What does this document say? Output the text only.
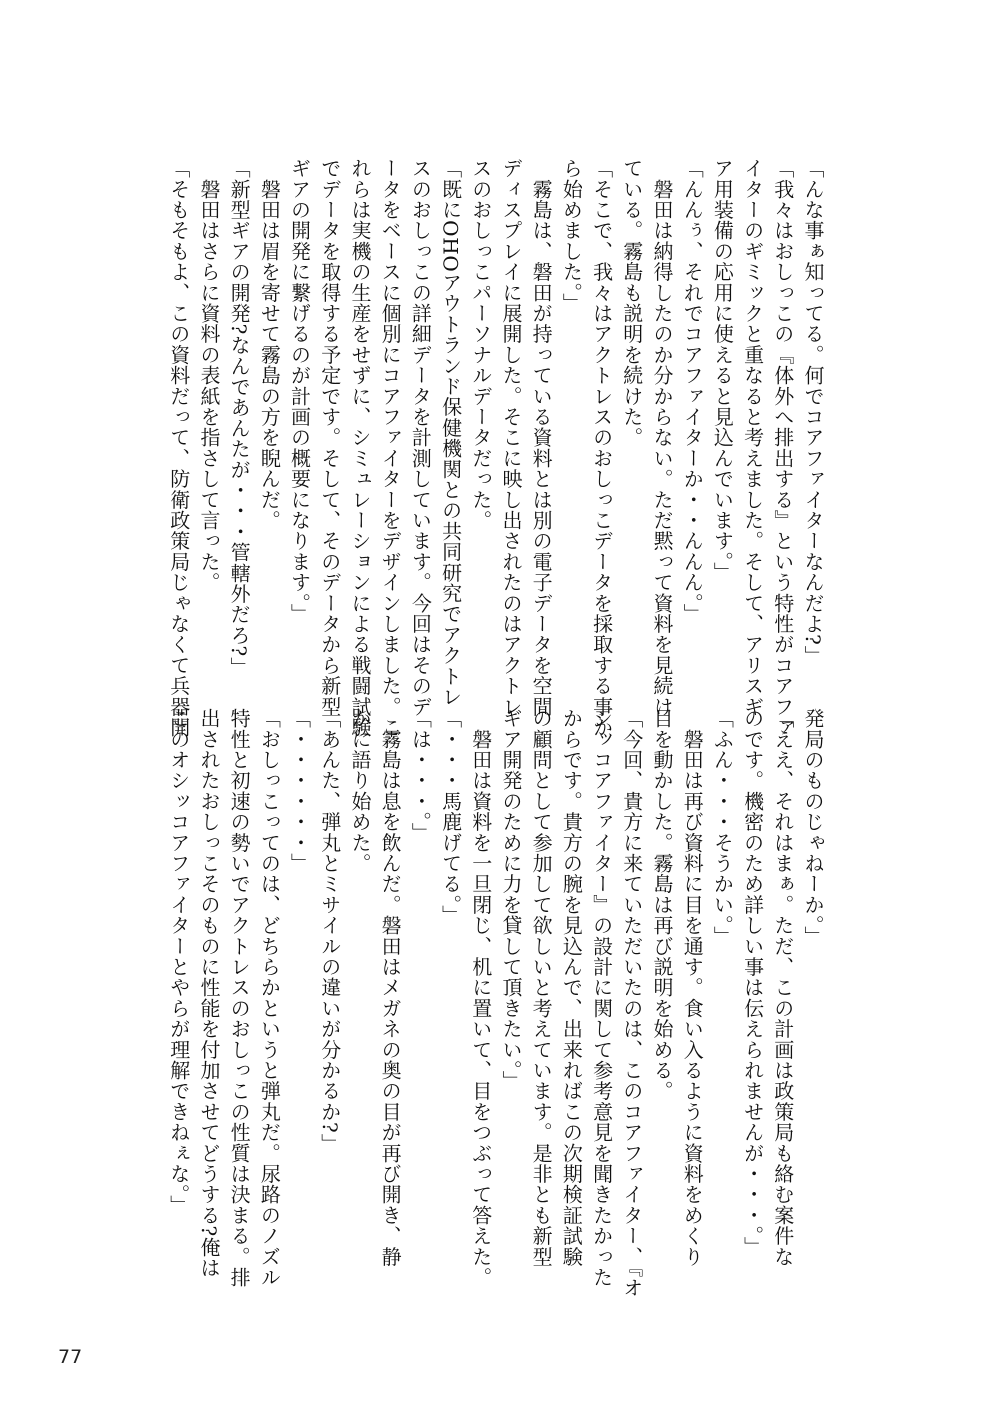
「んな事ぁ知ってる。何でコアファイターなんだよ?」
「我々はおしっこの『体外へ排出する』という特性がコアファ
イターのギミックと重なると考えました。そして、アリスギ
ア用装備の応用に使えると見込んでいます。」
「んんぅ、それでコアファイターか・・んんん。」
　磐田は納得したのか分からない。ただ黙って資料を見続け
ている。霧島も説明を続けた。
「そこで、我々はアクトレスのおしっこデータを採取する事か
ら始めました。」
　霧島は、磐田が持っている資料とは別の電子データを空間
ディスプレイに展開した。そこに映し出されたのはアクトレ
スのおしっこパーソナルデータだった。
「既にOHOアウトランド保健機関との共同研究でアクトレ
スのおしっこの詳細データを計測しています。今回はそのデ
ータをベースに個別にコアファイターをデザインしました。こ
れらは実機の生産をせずに、シミュレーションによる戦闘試験
でデータを取得する予定です。そして、そのデータから新型
ギアの開発に繋げるのが計画の概要になります。」
　磐田は眉を寄せて霧島の方を睨んだ。
「新型ギアの開発?なんであんたが・・・管轄外だろ?」
　磐田はさらに資料の表紙を指さして言った。
「そもそもよ、この資料だって、防衛政策局じゃなくて兵器開
発局のものじゃねーか。」
「ええ、それはまぁ。ただ、この計画は政策局も絡む案件な
のです。機密のため詳しい事は伝えられませんが・・・。」
「ふん・・・そうかい。」
　磐田は再び資料に目を通す。食い入るように資料をめくり
目を動かした。霧島は再び説明を始める。
「今回、貴方に来ていただいたのは、このコアファイター、『オ
シッコアファイター』の設計に関して参考意見を聞きたかった
からです。貴方の腕を見込んで、出来ればこの次期検証試験
の顧問として参加して欲しいと考えています。是非とも新型
ギア開発のために力を貸して頂きたい。」
　磐田は資料を一旦閉じ、机に置いて、目をつぶって答えた。
「・・・馬鹿げてる。」
「は・・・。」
　霧島は息を飲んだ。磐田はメガネの奥の目が再び開き、静
かに語り始めた。
「あんた、弾丸とミサイルの違いが分かるか?」
「・・・・・・」
「おしっこってのは、どちらかというと弾丸だ。尿路のノズル
特性と初速の勢いでアクトレスのおしっこの性質は決まる。排
出されたおしっこそのものに性能を付加させてどうする?俺は
このオシッコアファイターとやらが理解できねぇな。」
77
